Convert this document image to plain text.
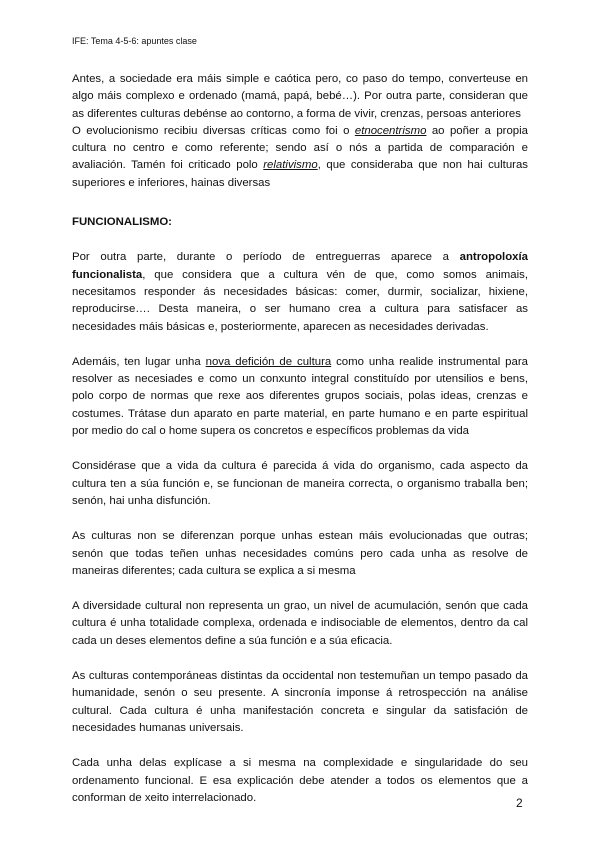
IFE: Tema 4-5-6: apuntes clase

Antes, a sociedade era máis simple e caótica pero, co paso do tempo, converteuse en algo máis complexo e ordenado (mamá, papá, bebé…). Por outra parte, consideran que as diferentes culturas debénse ao contorno, a forma de vivir, crenzas, persoas anteriores
O evolucionismo recibiu diversas críticas como foi o etnocentrismo ao poñer a propia cultura no centro e como referente; sendo así o nós a partida de comparación e avaliación. Tamén foi criticado polo relativismo, que consideraba que non hai culturas superiores e inferiores, hainas diversas

FUNCIONALISMO:

Por outra parte, durante o período de entreguerras aparece a antropoloxía funcionalista, que considera que a cultura vén de que, como somos animais, necesitamos responder ás necesidades básicas: comer, durmir, socializar, hixiene, reproducirse…. Desta maneira, o ser humano crea a cultura para satisfacer as necesidades máis básicas e, posteriormente, aparecen as necesidades derivadas.

Ademáis, ten lugar unha nova defición de cultura como unha realide instrumental para resolver as necesiades e como un conxunto integral constituído por utensilios e bens, polo corpo de normas que rexe aos diferentes grupos sociais, polas ideas, crenzas e costumes. Trátase dun aparato en parte material, en parte humano e en parte espiritual por medio do cal o home supera os concretos e específicos problemas da vida

Considérase que a vida da cultura é parecida á vida do organismo, cada aspecto da cultura ten a súa función e, se funcionan de maneira correcta, o organismo traballa ben; senón, hai unha disfunción.

As culturas non se diferenzan porque unhas estean máis evolucionadas que outras; senón que todas teñen unhas necesidades comúns pero cada unha as resolve de maneiras diferentes; cada cultura se explica a si mesma

A diversidade cultural non representa un grao, un nivel de acumulación, senón que cada cultura é unha totalidade complexa, ordenada e indisociable de elementos, dentro da cal cada un deses elementos define a súa función e a súa eficacia.

As culturas contemporáneas distintas da occidental non testemuñan un tempo pasado da humanidade, senón o seu presente. A sincronía imponse á retrospección na análise cultural. Cada cultura é unha manifestación concreta e singular da satisfación de necesidades humanas universais.

Cada unha delas explícase a si mesma na complexidade e singularidade do seu ordenamento funcional. E esa explicación debe atender a todos os elementos que a conforman de xeito interrelacionado.	2
